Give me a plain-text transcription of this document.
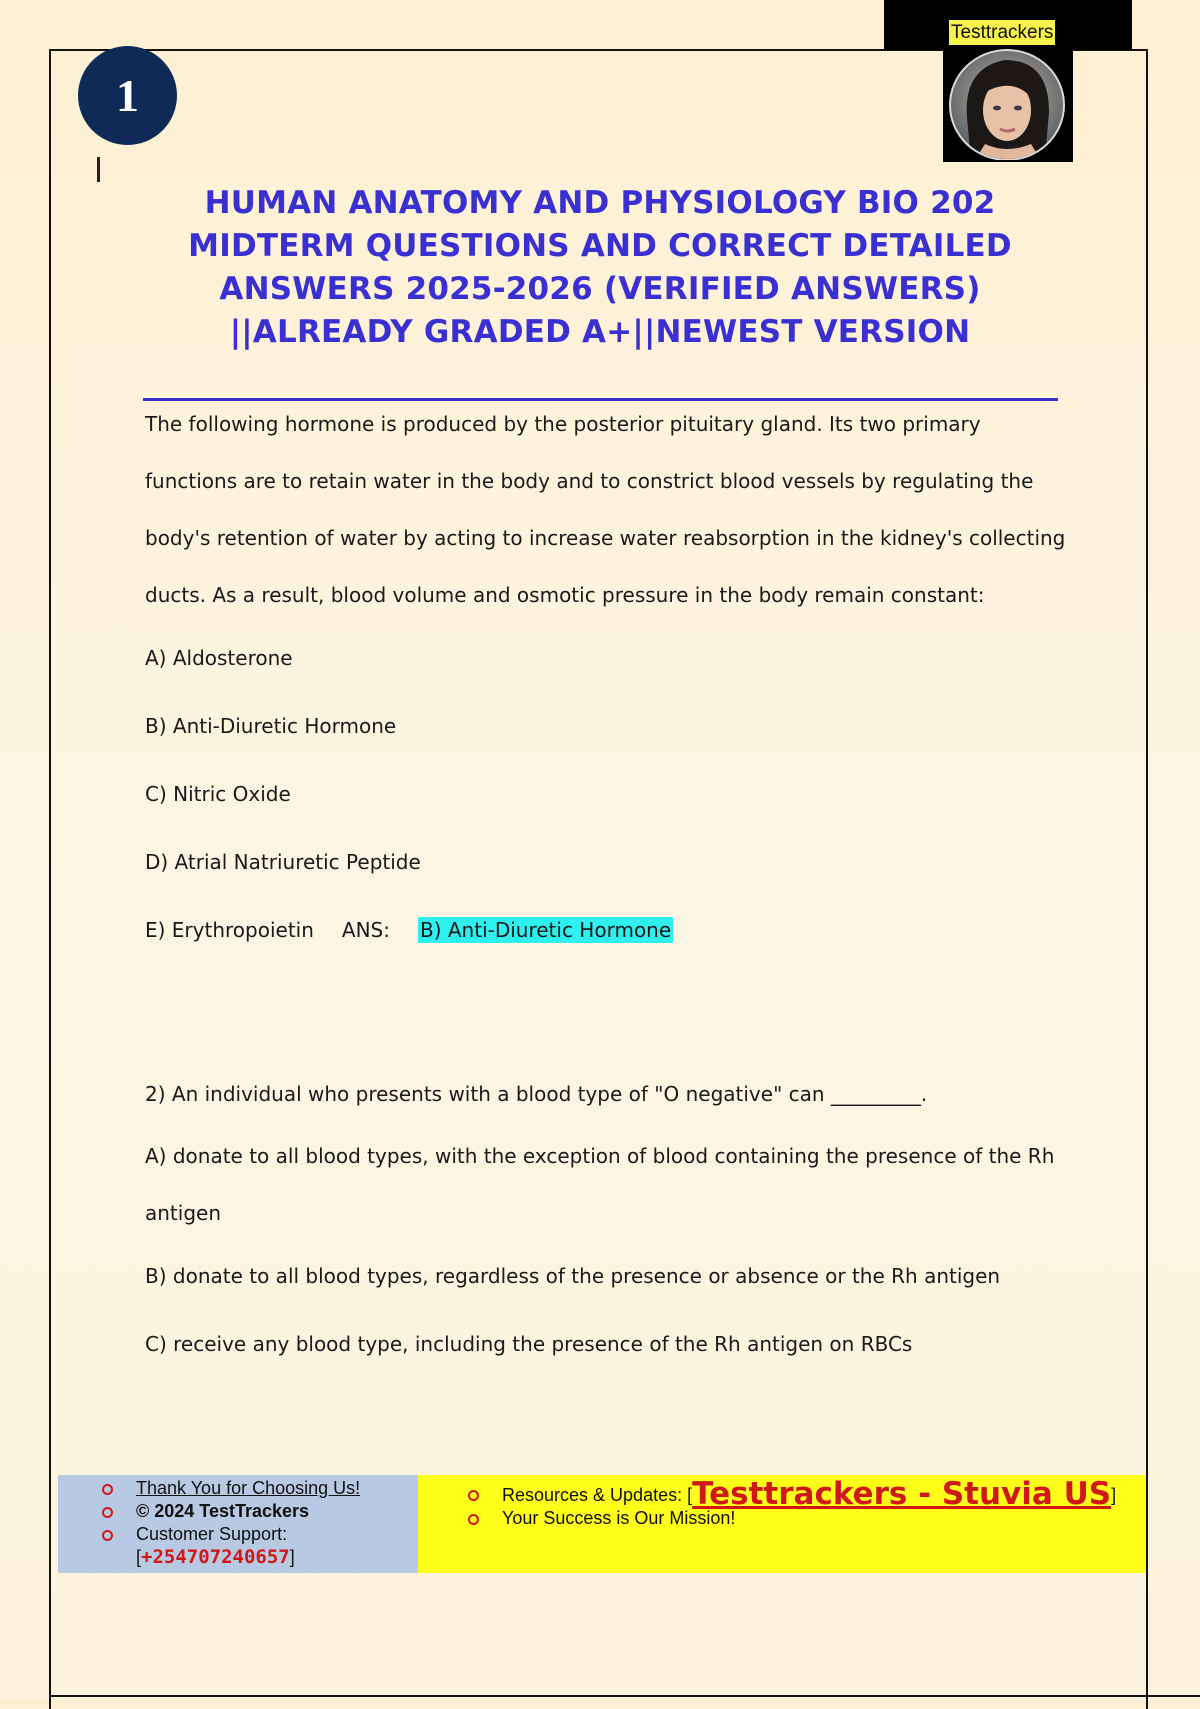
Testtrackers
1
HUMAN ANATOMY AND PHYSIOLOGY BIO 202 MIDTERM QUESTIONS AND CORRECT DETAILED ANSWERS 2025-2026 (VERIFIED ANSWERS) ||ALREADY GRADED A+||NEWEST VERSION

The following hormone is produced by the posterior pituitary gland. Its two primary functions are to retain water in the body and to constrict blood vessels by regulating the body's retention of water by acting to increase water reabsorption in the kidney's collecting ducts. As a result, blood volume and osmotic pressure in the body remain constant:

A) Aldosterone

B) Anti-Diuretic Hormone

C) Nitric Oxide

D) Atrial Natriuretic Peptide

E) Erythropoietin ANS: B) Anti-Diuretic Hormone

2) An individual who presents with a blood type of "O negative" can _________.

A) donate to all blood types, with the exception of blood containing the presence of the Rh antigen

B) donate to all blood types, regardless of the presence or absence or the Rh antigen

C) receive any blood type, including the presence of the Rh antigen on RBCs

Thank You for Choosing Us!
© 2024 TestTrackers
Customer Support:
[+254707240657]
Resources & Updates: [Testtrackers - Stuvia US]
Your Success is Our Mission!
